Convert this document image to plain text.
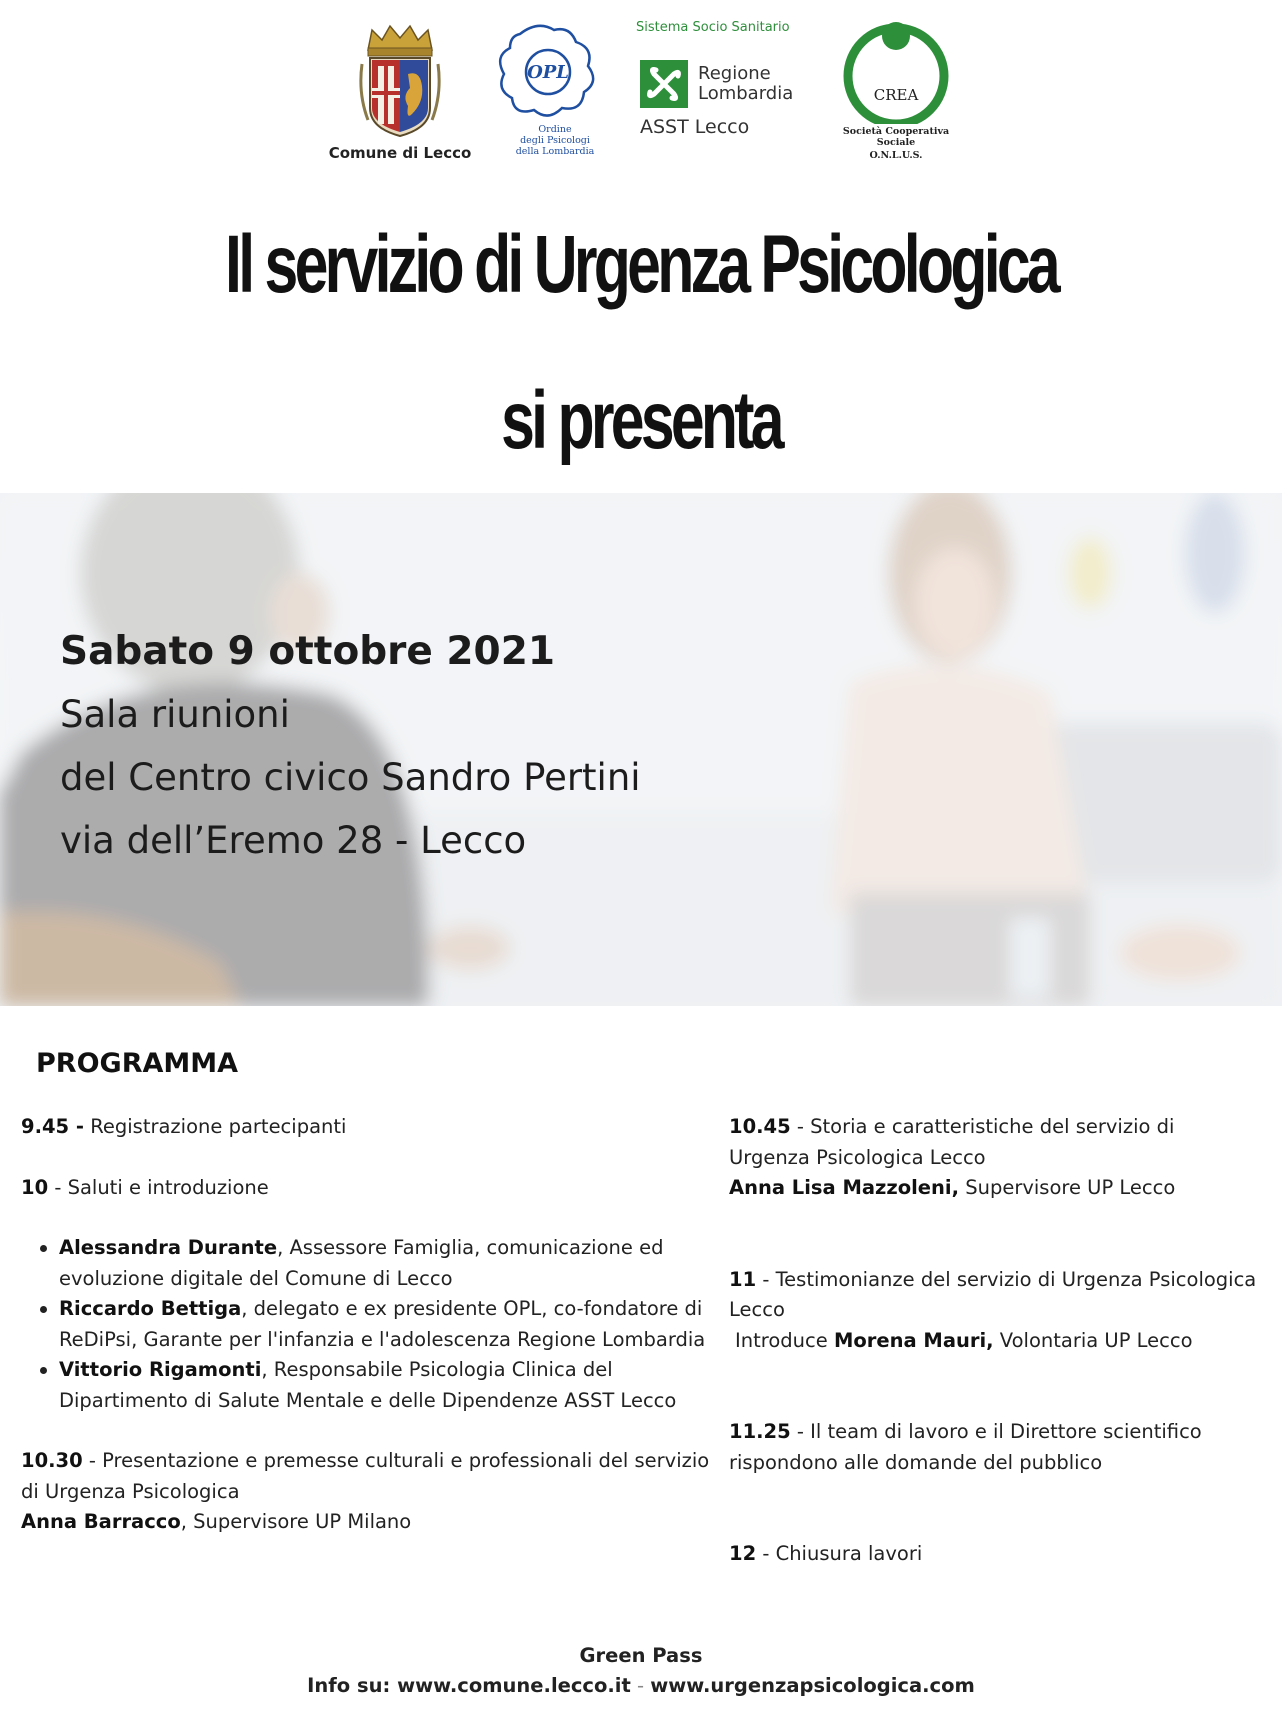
Comune di Lecco
OPL
Ordine
degli Psicologi
della Lombardia
Sistema Socio Sanitario
Regione
Lombardia
ASST Lecco
CREA
Società Cooperativa Sociale
O.N.L.U.S.
Il servizio di Urgenza Psicologica
si presenta
Sabato 9 ottobre 2021
Sala riunioni
del Centro civico Sandro Pertini
via dell’Eremo 28 - Lecco
PROGRAMMA
9.45 - Registrazione partecipanti
10 - Saluti e introduzione
Alessandra Durante, Assessore Famiglia, comunicazione ed evoluzione digitale del Comune di Lecco
Riccardo Bettiga, delegato e ex presidente OPL, co-fondatore di ReDiPsi, Garante per l'infanzia e l'adolescenza Regione Lombardia
Vittorio Rigamonti, Responsabile Psicologia Clinica del Dipartimento di Salute Mentale e delle Dipendenze ASST Lecco
10.30 - Presentazione e premesse culturali e professionali del servizio di Urgenza Psicologica
Anna Barracco, Supervisore UP Milano
10.45 - Storia e caratteristiche del servizio di Urgenza Psicologica Lecco
Anna Lisa Mazzoleni, Supervisore UP Lecco
11 - Testimonianze del servizio di Urgenza Psicologica Lecco
Introduce Morena Mauri, Volontaria UP Lecco
11.25 - Il team di lavoro e il Direttore scientifico rispondono alle domande del pubblico
12 - Chiusura lavori
Green Pass
Info su: www.comune.lecco.it - www.urgenzapsicologica.com
